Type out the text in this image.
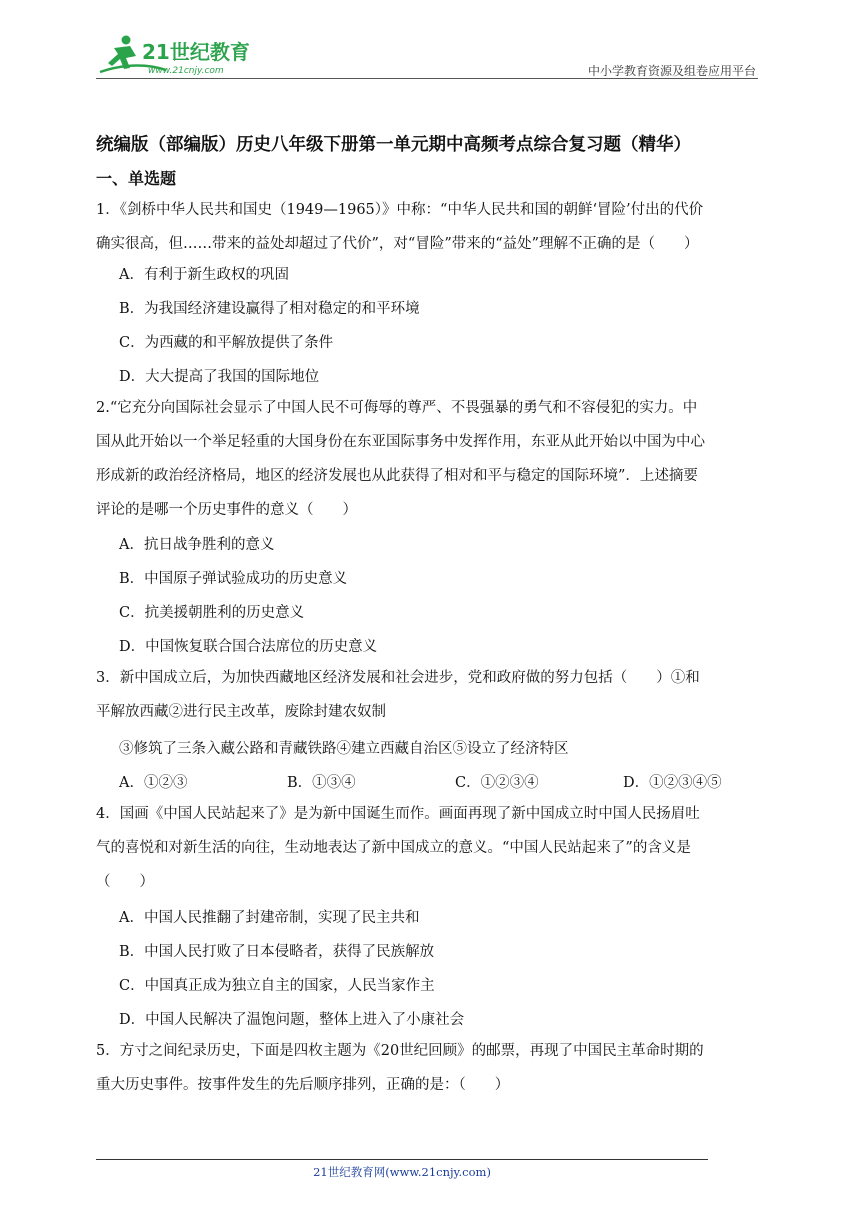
21世纪教育
www.21cnjy.com	中小学教育资源及组卷应用平台
统编版（部编版）历史八年级下册第一单元期中高频考点综合复习题（精华）
一、单选题
1．《剑桥中华人民共和国史（1949—1965）》中称：“中华人民共和国的朝鲜‘冒险’付出的代价
确实很高，但……带来的益处却超过了代价”，对“冒险”带来的“益处”理解不正确的是（　　）
A．有利于新生政权的巩固
B．为我国经济建设赢得了相对稳定的和平环境
C．为西藏的和平解放提供了条件
D．大大提高了我国的国际地位
2.“它充分向国际社会显示了中国人民不可侮辱的尊严、不畏强暴的勇气和不容侵犯的实力。中
国从此开始以一个举足轻重的大国身份在东亚国际事务中发挥作用，东亚从此开始以中国为中心
形成新的政治经济格局，地区的经济发展也从此获得了相对和平与稳定的国际环境”．上述摘要
评论的是哪一个历史事件的意义（　　）
A．抗日战争胜利的意义
B．中国原子弹试验成功的历史意义
C．抗美援朝胜利的历史意义
D．中国恢复联合国合法席位的历史意义
3．新中国成立后，为加快西藏地区经济发展和社会进步，党和政府做的努力包括（　　）①和
平解放西藏②进行民主改革，废除封建农奴制
③修筑了三条入藏公路和青藏铁路④建立西藏自治区⑤设立了经济特区
A．①②③	B．①③④	C．①②③④	D．①②③④⑤
4．国画《中国人民站起来了》是为新中国诞生而作。画面再现了新中国成立时中国人民扬眉吐
气的喜悦和对新生活的向往，生动地表达了新中国成立的意义。“中国人民站起来了”的含义是
（　　）
A．中国人民推翻了封建帝制，实现了民主共和
B．中国人民打败了日本侵略者，获得了民族解放
C．中国真正成为独立自主的国家，人民当家作主
D．中国人民解决了温饱问题，整体上进入了小康社会
5．方寸之间纪录历史，下面是四枚主题为《20世纪回顾》的邮票，再现了中国民主革命时期的
重大历史事件。按事件发生的先后顺序排列，正确的是：（　　）
21世纪教育网(www.21cnjy.com)
